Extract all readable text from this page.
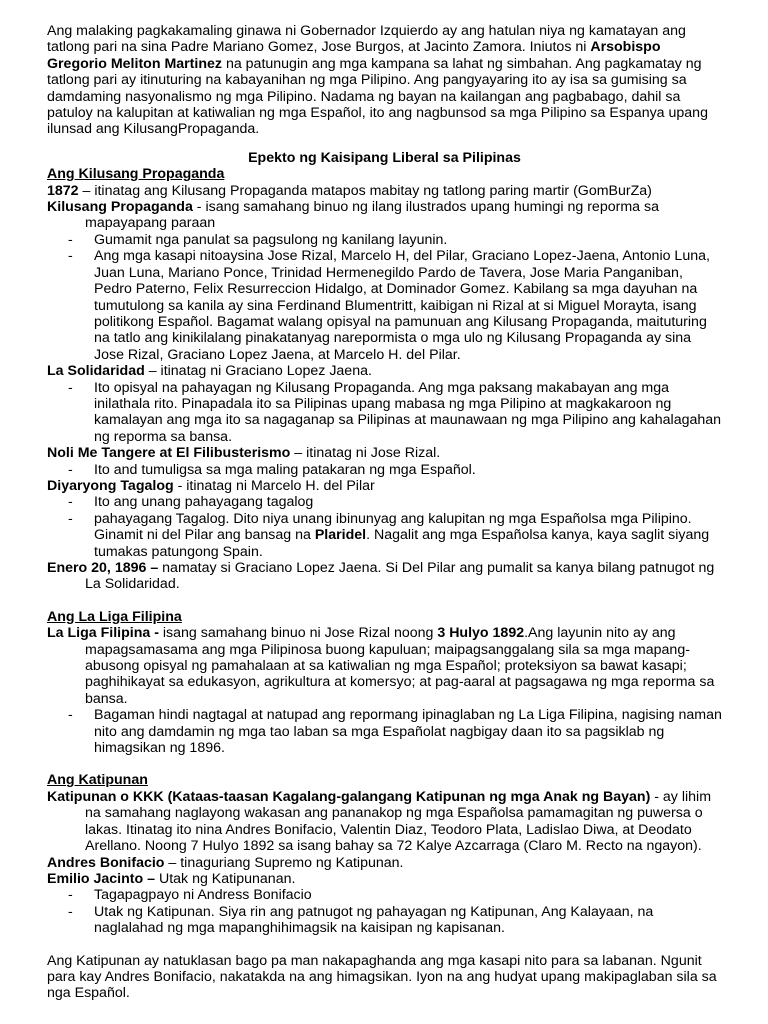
Ang malaking pagkakamaling ginawa ni Gobernador Izquierdo ay ang hatulan niya ng kamatayan ang tatlong pari na sina Padre Mariano Gomez, Jose Burgos, at Jacinto Zamora. Iniutos ni Arsobispo Gregorio Meliton Martinez na patunugin ang mga kampana sa lahat ng simbahan. Ang pagkamatay ng tatlong pari ay itinuturing na kabayanihan ng mga Pilipino. Ang pangyayaring ito ay isa sa gumising sa damdaming nasyonalismo ng mga Pilipino. Nadama ng bayan na kailangan ang pagbabago, dahil sa patuloy na kalupitan at katiwalian ng mga Español, ito ang nagbunsod sa mga Pilipino sa Espanya upang ilunsad ang KilusangPropaganda.

Epekto ng Kaisipang Liberal sa Pilipinas

Ang Kilusang Propaganda

1872 – itinatag ang Kilusang Propaganda matapos mabitay ng tatlong paring martir (GomBurZa)

Kilusang Propaganda - isang samahang binuo ng ilang ilustrados upang humingi ng reporma sa mapayapang paraan

- Gumamit nga panulat sa pagsulong ng kanilang layunin.
- Ang mga kasapi nitoaysina Jose Rizal, Marcelo H, del Pilar, Graciano Lopez-Jaena, Antonio Luna, Juan Luna, Mariano Ponce, Trinidad Hermenegildo Pardo de Tavera, Jose Maria Panganiban, Pedro Paterno, Felix Resurreccion Hidalgo, at Dominador Gomez. Kabilang sa mga dayuhan na tumutulong sa kanila ay sina Ferdinand Blumentritt, kaibigan ni Rizal at si Miguel Morayta, isang politikong Español. Bagamat walang opisyal na pamunuan ang Kilusang Propaganda, maituturing na tatlo ang kinikilalang pinakatanyag narepormista o mga ulo ng Kilusang Propaganda ay sina Jose Rizal, Graciano Lopez Jaena, at Marcelo H. del Pilar.

La Solidaridad – itinatag ni Graciano Lopez Jaena.

- Ito opisyal na pahayagan ng Kilusang Propaganda. Ang mga paksang makabayan ang mga inilathala rito. Pinapadala ito sa Pilipinas upang mabasa ng mga Pilipino at magkakaroon ng kamalayan ang mga ito sa nagaganap sa Pilipinas at maunawaan ng mga Pilipino ang kahalagahan ng reporma sa bansa.

Noli Me Tangere at El Filibusterismo – itinatag ni Jose Rizal.

- Ito and tumuligsa sa mga maling patakaran ng mga Español.

Diyaryong Tagalog - itinatag ni Marcelo H. del Pilar

- Ito ang unang pahayagang tagalog
- pahayagang Tagalog. Dito niya unang ibinunyag ang kalupitan ng mga Españolsa mga Pilipino. Ginamit ni del Pilar ang bansag na Plaridel. Nagalit ang mga Españolsa kanya, kaya saglit siyang tumakas patungong Spain.

Enero 20, 1896 – namatay si Graciano Lopez Jaena. Si Del Pilar ang pumalit sa kanya bilang patnugot ng La Solidaridad.

Ang La Liga Filipina

La Liga Filipina - isang samahang binuo ni Jose Rizal noong 3 Hulyo 1892.Ang layunin nito ay ang mapagsamasama ang mga Pilipinosa buong kapuluan; maipagsanggalang sila sa mga mapang-abusong opisyal ng pamahalaan at sa katiwalian ng mga Español; proteksiyon sa bawat kasapi; paghihikayat sa edukasyon, agrikultura at komersyo; at pag-aaral at pagsagawa ng mga reporma sa bansa.

- Bagaman hindi nagtagal at natupad ang repormang ipinaglaban ng La Liga Filipina, nagising naman nito ang damdamin ng mga tao laban sa mga Españolat nagbigay daan ito sa pagsiklab ng himagsikan ng 1896.

Ang Katipunan

Katipunan o KKK (Kataas-taasan Kagalang-galangang Katipunan ng mga Anak ng Bayan) - ay lihim na samahang naglayong wakasan ang pananakop ng mga Españolsa pamamagitan ng puwersa o lakas. Itinatag ito nina Andres Bonifacio, Valentin Diaz, Teodoro Plata, Ladislao Diwa, at Deodato Arellano. Noong 7 Hulyo 1892 sa isang bahay sa 72 Kalye Azcarraga (Claro M. Recto na ngayon).

Andres Bonifacio – tinaguriang Supremo ng Katipunan.

Emilio Jacinto – Utak ng Katipunanan.

- Tagapagpayo ni Andress Bonifacio
- Utak ng Katipunan. Siya rin ang patnugot ng pahayagan ng Katipunan, Ang Kalayaan, na naglalahad ng mga mapanghihimagsik na kaisipan ng kapisanan.

Ang Katipunan ay natuklasan bago pa man nakapaghanda ang mga kasapi nito para sa labanan. Ngunit para kay Andres Bonifacio, nakatakda na ang himagsikan. Iyon na ang hudyat upang makipaglaban sila sa nga Español.
